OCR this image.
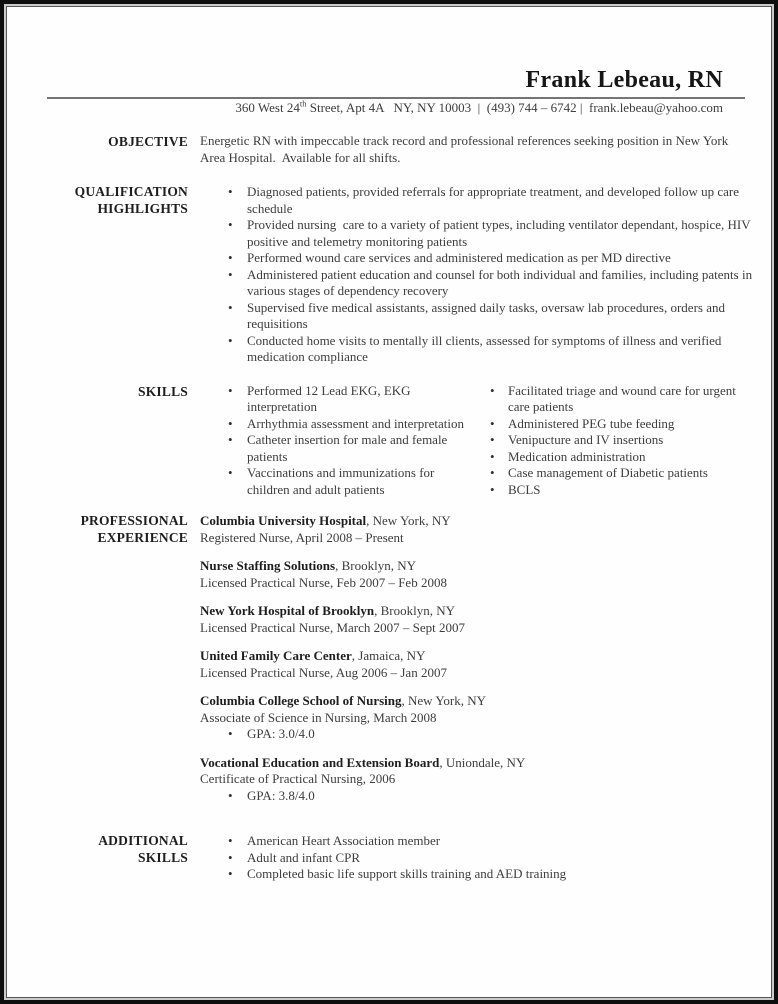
Frank Lebeau, RN
360 West 24th Street, Apt 4A   NY, NY 10003  |  (493) 744 – 6742 |  frank.lebeau@yahoo.com
OBJECTIVE Energetic RN with impeccable track record and professional references seeking position in New York Area Hospital.  Available for all shifts.

QUALIFICATION HIGHLIGHTS
• Diagnosed patients, provided referrals for appropriate treatment, and developed follow up care schedule
• Provided nursing  care to a variety of patient types, including ventilator dependant, hospice, HIV positive and telemetry monitoring patients
• Performed wound care services and administered medication as per MD directive
• Administered patient education and counsel for both individual and families, including patents in various stages of dependency recovery
• Supervised five medical assistants, assigned daily tasks, oversaw lab procedures, orders and requisitions
• Conducted home visits to mentally ill clients, assessed for symptoms of illness and verified medication compliance
SKILLS	• Performed 12 Lead EKG, EKG interpretation
• Arrhythmia assessment and interpretation
• Catheter insertion for male and female patients
• Vaccinations and immunizations for children and adult patients
• Facilitated triage and wound care for urgent care patients
• Administered PEG tube feeding
• Venipucture and IV insertions
• Medication administration
• Case management of Diabetic patients
• BCLS
PROFESSIONAL EXPERIENCE

Columbia University Hospital, New York, NY

Registered Nurse, April 2008 – Present

Nurse Staffing Solutions, Brooklyn, NY

Licensed Practical Nurse, Feb 2007 – Feb 2008

New York Hospital of Brooklyn, Brooklyn, NY

Licensed Practical Nurse, March 2007 – Sept 2007

United Family Care Center, Jamaica, NY

Licensed Practical Nurse, Aug 2006 – Jan 2007

Columbia College School of Nursing, New York, NY

Associate of Science in Nursing, March 2008

• GPA: 3.0/4.0

Vocational Education and Extension Board, Uniondale, NY

Certificate of Practical Nursing, 2006

• GPA: 3.8/4.0
ADDITIONAL SKILLS
• American Heart Association member
• Adult and infant CPR
• Completed basic life support skills training and AED training
